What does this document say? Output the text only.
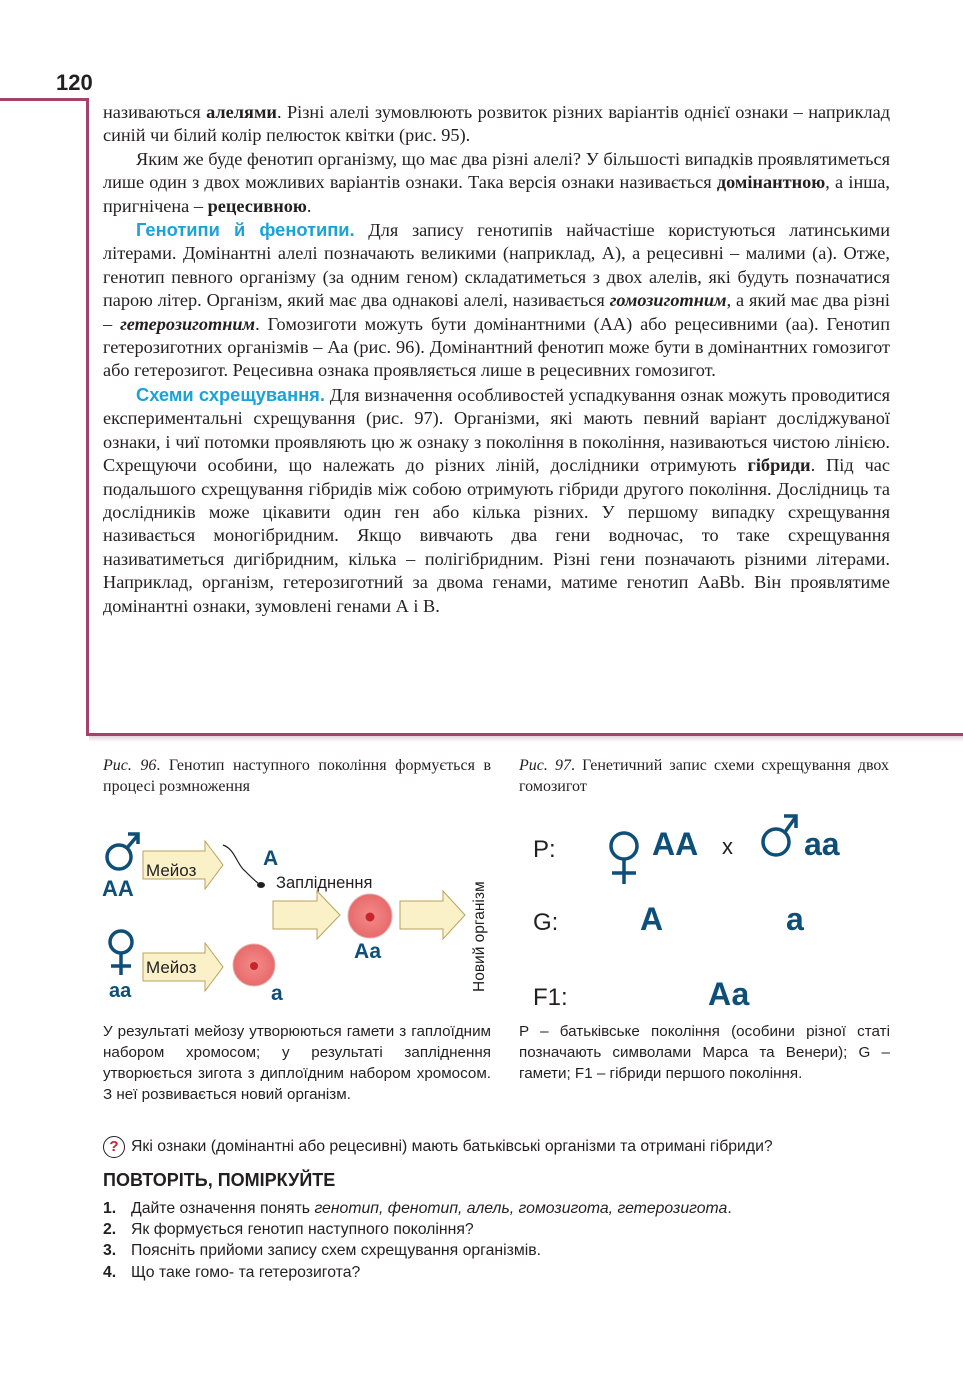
120

називаються алелями. Різні алелі зумовлюють розвиток різних варіантів однієї ознаки – наприклад синій чи білий колір пелюсток квітки (рис. 95).

Яким же буде фенотип організму, що має два різні алелі? У більшості випадків проявлятиметься лише один з двох можливих варіантів ознаки. Така версія ознаки називається домінантною, а інша, пригнічена – рецесивною.

Генотипи й фенотипи. Для запису генотипів найчастіше користуються латинськими літерами. Домінантні алелі позначають великими (наприклад, А), а рецесивні – малими (а). Отже, генотип певного організму (за одним геном) складатиметься з двох алелів, які будуть позначатися парою літер. Організм, який має два однакові алелі, називається гомозиготним, а який має два різні – гетерозиготним. Гомозиготи можуть бути домінантними (АА) або рецесивними (аа). Генотип гетерозиготних організмів – Аа (рис. 96). Домінантний фенотип може бути в домінантних гомозигот або гетерозигот. Рецесивна ознака проявляється лише в рецесивних гомозигот.

Схеми схрещування. Для визначення особливостей успадкування ознак можуть проводитися експериментальні схрещування (рис. 97). Організми, які мають певний варіант досліджуваної ознаки, і чиї потомки проявляють цю ж ознаку з покоління в покоління, називаються чистою лінією. Схрещуючи особини, що належать до різних ліній, дослідники отримують гібриди. Під час подальшого схрещування гібридів між собою отримують гібриди другого покоління. Дослідниць та дослідників може цікавити один ген або кілька різних. У першому випадку схрещування називається моногібридним. Якщо вивчають два гени водночас, то таке схрещування називатиметься дигібридним, кілька – полігібридним. Різні гени позначають різними літерами. Наприклад, організм, гетерозиготний за двома генами, матиме генотип AaBb. Він проявлятиме домінантні ознаки, зумовлені генами А і В.

Рис. 96. Генотип наступного покоління формується в процесі розмноження
Рис. 97. Генетичний запис схеми схрещування двох гомозигот
АА
Мейоз
А
Запліднення
Аа	Новий організм
аа
Мейоз
а
P:	АА x аа
G:	А	а
F1:	Аа
У результаті мейозу утворюються гамети з гаплоїдним набором хромосом; у результаті запліднення утворюється зигота з диплоїдним набором хромосом. З неї розвивається новий організм.
P – батьківське покоління (особини різної статі позначають символами Марса та Венери); G – гамети; F1 – гібриди першого покоління.
? Які ознаки (домінантні або рецесивні) мають батьківські організми та отримані гібриди?
ПОВТОРІТЬ, ПОМІРКУЙТЕ
1. Дайте означення понять генотип, фенотип, алель, гомозигота, гетерозигота.
2. Як формується генотип наступного покоління?
3. Поясніть прийоми запису схем схрещування організмів.
4. Що таке гомо- та гетерозигота?
